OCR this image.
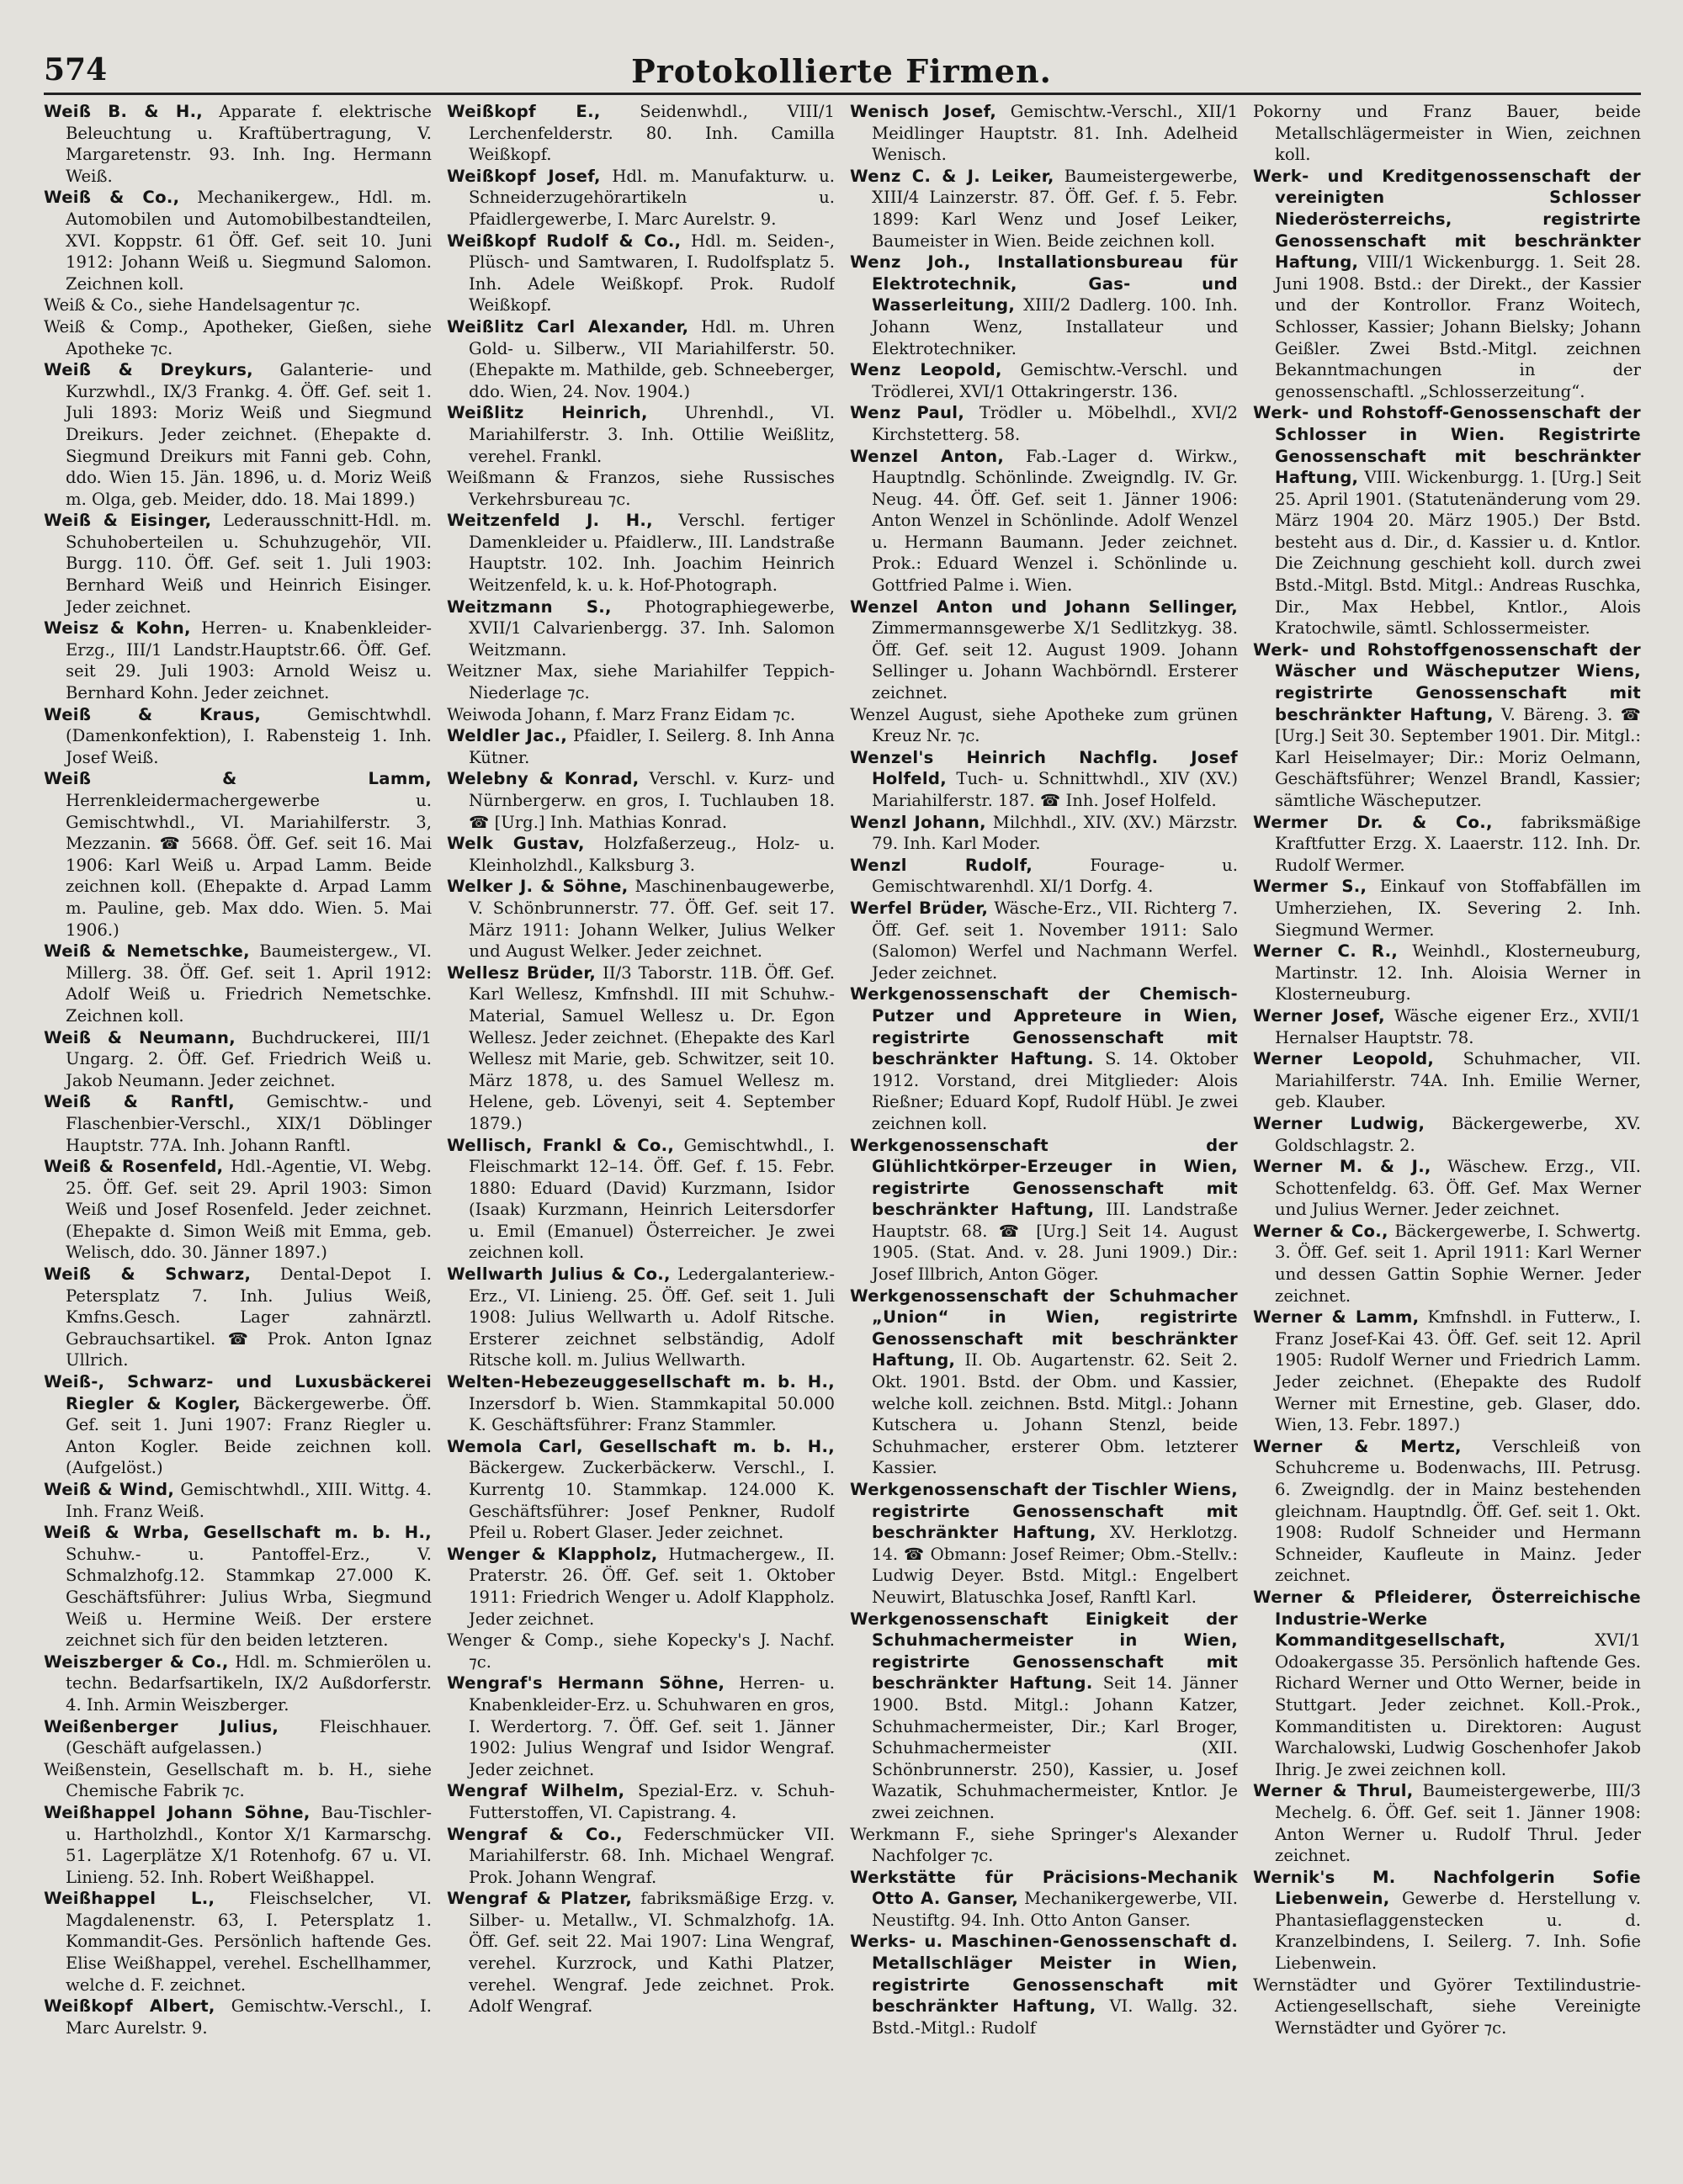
574	Protokollierte Firmen.
Weiß B. & H., Apparate f. elektrische Beleuchtung u. Kraftübertragung, V. Margaretenstr. 93. Inh. Ing. Hermann Weiß.
Weiß & Co., Mechanikergew., Hdl. m. Automobilen und Automobilbestandteilen, XVI. Koppstr. 61 Öff. Gef. seit 10. Juni 1912: Johann Weiß u. Siegmund Salomon. Zeichnen koll.
Weiß & Co., siehe Handelsagentur ⁊c.
Weiß & Comp., Apotheker, Gießen, siehe Apotheke ⁊c.
Weiß & Dreykurs, Galanterie- und Kurzwhdl., IX/3 Frankg. 4. Öff. Gef. seit 1. Juli 1893: Moriz Weiß und Siegmund Dreikurs. Jeder zeichnet. (Ehepakte d. Siegmund Dreikurs mit Fanni geb. Cohn, ddo. Wien 15. Jän. 1896, u. d. Moriz Weiß m. Olga, geb. Meider, ddo. 18. Mai 1899.)
Weiß & Eisinger, Lederausschnitt-Hdl. m. Schuhoberteilen u. Schuhzugehör, VII. Burgg. 110. Öff. Gef. seit 1. Juli 1903: Bernhard Weiß und Heinrich Eisinger. Jeder zeichnet.
Weisz & Kohn, Herren- u. Knabenkleider-Erzg., III/1 Landstr.Hauptstr.66. Öff. Gef. seit 29. Juli 1903: Arnold Weisz u. Bernhard Kohn. Jeder zeichnet.
Weiß & Kraus,	Gemischtwhdl. (Damenkonfektion), I. Rabensteig 1. Inh. Josef Weiß.
Weiß & Lamm, Herrenkleidermachergewerbe u. Gemischtwhdl., VI. Mariahilferstr. 3, Mezzanin. ☎ 5668. Öff. Gef. seit 16. Mai 1906: Karl Weiß u. Arpad Lamm. Beide zeichnen koll. (Ehepakte d. Arpad Lamm m. Pauline, geb. Max ddo. Wien. 5. Mai 1906.)
Weiß & Nemetschke, Baumeistergew., VI. Millerg. 38. Öff. Gef. seit 1. April 1912: Adolf Weiß u. Friedrich Nemetschke. Zeichnen koll.
Weiß & Neumann, Buchdruckerei, III/1 Ungarg. 2. Öff. Gef. Friedrich Weiß u. Jakob Neumann. Jeder zeichnet.
Weiß & Ranftl, Gemischtw.- und Flaschenbier-Verschl., XIX/1 Döblinger Hauptstr. 77A. Inh. Johann Ranftl.
Weiß & Rosenfeld, Hdl.-Agentie, VI. Webg. 25. Öff. Gef. seit 29. April 1903: Simon Weiß und Josef Rosenfeld. Jeder zeichnet. (Ehepakte d. Simon Weiß mit Emma, geb. Welisch, ddo. 30. Jänner 1897.)
Weiß & Schwarz, Dental-Depot I. Petersplatz 7. Inh. Julius Weiß, Kmfns.Gesch. Lager zahnärztl. Gebrauchsartikel. ☎ Prok. Anton Ignaz Ullrich.
Weiß-, Schwarz- und Luxusbäckerei Riegler & Kogler, Bäckergewerbe. Öff. Gef. seit 1. Juni 1907: Franz Riegler u. Anton Kogler. Beide zeichnen koll. (Aufgelöst.)
Weiß & Wind, Gemischtwhdl., XIII. Wittg. 4. Inh. Franz Weiß.
Weiß & Wrba, Gesellschaft m. b. H., Schuhw.- u. Pantoffel-Erz., V. Schmalzhofg.12. Stammkap 27.000 K. Geschäftsführer: Julius Wrba, Siegmund Weiß u. Hermine Weiß. Der erstere zeichnet sich für den beiden letzteren.
Weiszberger & Co., Hdl. m. Schmierölen u. techn. Bedarfsartikeln, IX/2 Außdorferstr. 4. Inh. Armin Weiszberger.
Weißenberger Julius, Fleischhauer. (Geschäft aufgelassen.)
Weißenstein, Gesellschaft m. b. H., siehe Chemische Fabrik ⁊c.
Weißhappel Johann Söhne, Bau-Tischler- u. Hartholzhdl., Kontor X/1 Karmarschg. 51. Lagerplätze X/1 Rotenhofg. 67 u. VI. Linieng. 52. Inh. Robert Weißhappel.
Weißhappel L., Fleischselcher, VI. Magdalenenstr. 63, I. Petersplatz 1. Kommandit-Ges. Persönlich haftende Ges. Elise Weißhappel, verehel. Eschellhammer, welche d. F. zeichnet.
Weißkopf Albert, Gemischtw.-Verschl., I. Marc Aurelstr. 9.
Weißkopf E., Seidenwhdl., VIII/1 Lerchenfelderstr. 80. Inh. Camilla Weißkopf.
Weißkopf Josef, Hdl. m. Manufakturw. u. Schneiderzugehörartikeln u. Pfaidlergewerbe, I. Marc Aurelstr. 9.
Weißkopf Rudolf & Co., Hdl. m. Seiden-, Plüsch- und Samtwaren, I. Rudolfsplatz 5. Inh. Adele Weißkopf. Prok. Rudolf Weißkopf.
Weißlitz Carl Alexander, Hdl. m. Uhren Gold- u. Silberw., VII Mariahilferstr. 50. (Ehepakte m. Mathilde, geb. Schneeberger, ddo. Wien, 24. Nov. 1904.)
Weißlitz Heinrich, Uhrenhdl., VI. Mariahilferstr. 3. Inh. Ottilie Weißlitz, verehel. Frankl.
Weißmann & Franzos, siehe Russisches Verkehrsbureau ⁊c.
Weitzenfeld J. H., Verschl. fertiger Damenkleider u. Pfaidlerw., III. Landstraße Hauptstr. 102. Inh. Joachim Heinrich Weitzenfeld, k. u. k. Hof-Photograph.
Weitzmann S., Photographiegewerbe, XVII/1 Calvarienbergg. 37. Inh. Salomon Weitzmann.
Weitzner Max, siehe Mariahilfer Teppich-Niederlage ⁊c.
Weiwoda Johann, f. Marz Franz Eidam ⁊c.
Weldler Jac., Pfaidler, I. Seilerg. 8. Inh Anna Kütner.
Welebny & Konrad, Verschl. v. Kurz- und Nürnbergerw. en gros, I. Tuchlauben 18. ☎ [Urg.] Inh. Mathias Konrad.
Welk Gustav, Holzfaßerzeug., Holz- u. Kleinholzhdl., Kalksburg 3.
Welker J. & Söhne, Maschinenbaugewerbe, V. Schönbrunnerstr. 77. Öff. Gef. seit 17. März 1911: Johann Welker, Julius Welker und August Welker. Jeder zeichnet.
Wellesz Brüder, II/3 Taborstr. 11B. Öff. Gef. Karl Wellesz, Kmfnshdl. III mit Schuhw.-Material, Samuel Wellesz u. Dr. Egon Wellesz. Jeder zeichnet. (Ehepakte des Karl Wellesz mit Marie, geb. Schwitzer, seit 10. März 1878, u. des Samuel Wellesz m. Helene, geb. Lövenyi, seit 4. September 1879.)
Wellisch, Frankl & Co., Gemischtwhdl., I. Fleischmarkt 12–14. Öff. Gef. f. 15. Febr. 1880: Eduard (David) Kurzmann, Isidor (Isaak) Kurzmann, Heinrich Leitersdorfer u. Emil (Emanuel) Österreicher. Je zwei zeichnen koll.
Wellwarth Julius & Co., Ledergalanteriew.-Erz., VI. Linieng. 25. Öff. Gef. seit 1. Juli 1908: Julius Wellwarth u. Adolf Ritsche. Ersterer zeichnet selbständig, Adolf Ritsche koll. m. Julius Wellwarth.
Welten-Hebezeuggesellschaft m. b. H., Inzersdorf b. Wien. Stammkapital 50.000 K. Geschäftsführer: Franz Stammler.
Wemola Carl, Gesellschaft m. b. H., Bäckergew. Zuckerbäckerw. Verschl., I. Kurrentg 10. Stammkap. 124.000 K. Geschäftsführer: Josef Penkner, Rudolf Pfeil u. Robert Glaser. Jeder zeichnet.
Wenger & Klappholz, Hutmachergew., II. Praterstr. 26. Öff. Gef. seit 1. Oktober 1911: Friedrich Wenger u. Adolf Klappholz. Jeder zeichnet.
Wenger & Comp., siehe Kopecky's J. Nachf. ⁊c.
Wengraf's Hermann Söhne, Herren- u. Knabenkleider-Erz. u. Schuhwaren en gros, I. Werdertorg. 7. Öff. Gef. seit 1. Jänner 1902: Julius Wengraf und Isidor Wengraf. Jeder zeichnet.
Wengraf Wilhelm, Spezial-Erz. v. Schuh-Futterstoffen, VI. Capistrang. 4.
Wengraf & Co., Federschmücker VII. Mariahilferstr. 68. Inh. Michael Wengraf. Prok. Johann Wengraf.
Wengraf & Platzer, fabriksmäßige Erzg. v. Silber- u. Metallw., VI. Schmalzhofg. 1A. Öff. Gef. seit 22. Mai 1907: Lina Wengraf, verehel. Kurzrock, und Kathi Platzer, verehel. Wengraf. Jede zeichnet. Prok. Adolf Wengraf.
Wenisch Josef, Gemischtw.-Verschl., XII/1 Meidlinger Hauptstr. 81. Inh. Adelheid Wenisch.
Wenz C. & J. Leiker, Baumeistergewerbe, XIII/4 Lainzerstr. 87. Öff. Gef. f. 5. Febr. 1899: Karl Wenz und Josef Leiker, Baumeister in Wien. Beide zeichnen koll.
Wenz Joh., Installationsbureau für Elektrotechnik, Gas- und Wasserleitung, XIII/2 Dadlerg. 100. Inh. Johann Wenz, Installateur und Elektrotechniker.
Wenz Leopold, Gemischtw.-Verschl. und Trödlerei, XVI/1 Ottakringerstr. 136.
Wenz Paul, Trödler u. Möbelhdl., XVI/2 Kirchstetterg. 58.
Wenzel Anton, Fab.-Lager d. Wirkw., Hauptndlg. Schönlinde. Zweigndlg. IV. Gr. Neug. 44. Öff. Gef. seit 1. Jänner 1906: Anton Wenzel in Schönlinde. Adolf Wenzel u. Hermann Baumann. Jeder zeichnet. Prok.: Eduard Wenzel i. Schönlinde u. Gottfried Palme i. Wien.
Wenzel Anton und Johann Sellinger, Zimmermannsgewerbe X/1 Sedlitzkyg. 38. Öff. Gef. seit 12. August 1909. Johann Sellinger u. Johann Wachbörndl. Ersterer zeichnet.
Wenzel August, siehe Apotheke zum grünen Kreuz Nr. ⁊c.
Wenzel's Heinrich Nachflg. Josef Holfeld, Tuch- u. Schnittwhdl., XIV (XV.) Mariahilferstr. 187. ☎ Inh. Josef Holfeld.
Wenzl Johann, Milchhdl., XIV. (XV.) Märzstr. 79. Inh. Karl Moder.
Wenzl Rudolf,	Fourage- u. Gemischtwarenhdl. XI/1 Dorfg. 4.
Werfel Brüder, Wäsche-Erz., VII. Richterg 7. Öff. Gef. seit 1. November 1911: Salo (Salomon) Werfel und Nachmann Werfel. Jeder zeichnet.
Werkgenossenschaft der Chemisch-Putzer und Appreteure in Wien, registrirte Genossenschaft mit beschränkter Haftung. S. 14. Oktober 1912. Vorstand, drei Mitglieder: Alois Rießner; Eduard Kopf, Rudolf Hübl. Je zwei zeichnen koll.
Werkgenossenschaft der Glühlichtkörper-Erzeuger in Wien, registrirte Genossenschaft mit beschränkter Haftung, III. Landstraße Hauptstr. 68. ☎ [Urg.] Seit 14. August 1905. (Stat. And. v. 28. Juni 1909.) Dir.: Josef Illbrich, Anton Göger.
Werkgenossenschaft der Schuhmacher „Union“ in Wien, registrirte Genossenschaft mit beschränkter Haftung, II. Ob. Augartenstr. 62. Seit 2. Okt. 1901. Bstd. der Obm. und Kassier, welche koll. zeichnen. Bstd. Mitgl.: Johann Kutschera u. Johann Stenzl, beide Schuhmacher, ersterer Obm. letzterer Kassier.
Werkgenossenschaft der Tischler Wiens, registrirte Genossenschaft mit beschränkter Haftung, XV. Herklotzg. 14. ☎ Obmann: Josef Reimer; Obm.-Stellv.: Ludwig Deyer. Bstd. Mitgl.: Engelbert Neuwirt, Blatuschka Josef, Ranftl Karl.
Werkgenossenschaft Einigkeit der Schuhmachermeister in Wien, registrirte Genossenschaft mit beschränkter Haftung. Seit 14. Jänner 1900. Bstd. Mitgl.: Johann Katzer, Schuhmachermeister, Dir.; Karl Broger, Schuhmachermeister (XII. Schönbrunnerstr. 250), Kassier, u. Josef Wazatik, Schuhmachermeister, Kntlor. Je zwei zeichnen.
Werkmann F., siehe Springer's Alexander Nachfolger ⁊c.
Werkstätte für Präcisions-Mechanik Otto A. Ganser, Mechanikergewerbe, VII. Neustiftg. 94. Inh. Otto Anton Ganser.
Werks- u. Maschinen-Genossenschaft d. Metallschläger Meister in Wien, registrirte Genossenschaft mit beschränkter Haftung, VI. Wallg. 32. Bstd.-Mitgl.: Rudolf
Pokorny und Franz Bauer, beide Metallschlägermeister in Wien, zeichnen koll.
Werk- und Kreditgenossenschaft der vereinigten Schlosser Niederösterreichs, registrirte Genossenschaft mit beschränkter Haftung, VIII/1 Wickenburgg. 1. Seit 28. Juni 1908. Bstd.: der Direkt., der Kassier und der Kontrollor. Franz Woitech, Schlosser, Kassier; Johann Bielsky; Johann Geißler. Zwei Bstd.-Mitgl. zeichnen Bekanntmachungen in der genossenschaftl. „Schlosserzeitung“.
Werk- und Rohstoff-Genossenschaft der Schlosser in Wien. Registrirte Genossenschaft mit beschränkter Haftung, VIII. Wickenburgg. 1. [Urg.] Seit 25. April 1901. (Statutenänderung vom 29. März 1904 20. März 1905.) Der Bstd. besteht aus d. Dir., d. Kassier u. d. Kntlor. Die Zeichnung geschieht koll. durch zwei Bstd.-Mitgl. Bstd. Mitgl.: Andreas Ruschka, Dir., Max Hebbel, Kntlor., Alois Kratochwile, sämtl. Schlossermeister.
Werk- und Rohstoffgenossenschaft der Wäscher und Wäscheputzer Wiens, registrirte Genossenschaft mit beschränkter Haftung, V. Bäreng. 3. ☎ [Urg.] Seit 30. September 1901. Dir. Mitgl.: Karl Heiselmayer; Dir.: Moriz Oelmann, Geschäftsführer; Wenzel Brandl, Kassier; sämtliche Wäscheputzer.
Wermer Dr. & Co., fabriksmäßige Kraftfutter Erzg. X. Laaerstr. 112. Inh. Dr. Rudolf Wermer.
Wermer S., Einkauf von Stoffabfällen im Umherziehen, IX. Severing 2. Inh. Siegmund Wermer.
Werner C. R., Weinhdl., Klosterneuburg, Martinstr. 12. Inh. Aloisia Werner in Klosterneuburg.
Werner Josef, Wäsche eigener Erz., XVII/1 Hernalser Hauptstr. 78.
Werner Leopold, Schuhmacher, VII. Mariahilferstr. 74A. Inh. Emilie Werner, geb. Klauber.
Werner Ludwig, Bäckergewerbe, XV. Goldschlagstr. 2.
Werner M. & J., Wäschew. Erzg., VII. Schottenfeldg. 63. Öff. Gef. Max Werner und Julius Werner. Jeder zeichnet.
Werner & Co., Bäckergewerbe, I. Schwertg. 3. Öff. Gef. seit 1. April 1911: Karl Werner und dessen Gattin Sophie Werner. Jeder zeichnet.
Werner & Lamm, Kmfnshdl. in Futterw., I. Franz Josef-Kai 43. Öff. Gef. seit 12. April 1905: Rudolf Werner und Friedrich Lamm. Jeder zeichnet. (Ehepakte des Rudolf Werner mit Ernestine, geb. Glaser, ddo. Wien, 13. Febr. 1897.)
Werner & Mertz, Verschleiß von Schuhcreme u. Bodenwachs, III. Petrusg. 6. Zweigndlg. der in Mainz bestehenden gleichnam. Hauptndlg. Öff. Gef. seit 1. Okt. 1908: Rudolf Schneider und Hermann Schneider, Kaufleute in Mainz. Jeder zeichnet.
Werner & Pfleiderer, Österreichische Industrie-Werke Kommanditgesellschaft,	XVI/1 Odoakergasse 35. Persönlich haftende Ges. Richard Werner und Otto Werner, beide in Stuttgart. Jeder zeichnet. Koll.-Prok., Kommanditisten u. Direktoren: August Warchalowski, Ludwig Goschenhofer Jakob Ihrig. Je zwei zeichnen koll.
Werner & Thrul, Baumeistergewerbe, III/3 Mechelg. 6. Öff. Gef. seit 1. Jänner 1908: Anton Werner u. Rudolf Thrul. Jeder zeichnet.
Wernik's M. Nachfolgerin Sofie Liebenwein, Gewerbe d. Herstellung v. Phantasieflaggenstecken u. d. Kranzelbindens, I. Seilerg. 7. Inh. Sofie Liebenwein.
Wernstädter und Györer Textilindustrie-Actiengesellschaft, siehe Vereinigte Wernstädter und Györer ⁊c.
